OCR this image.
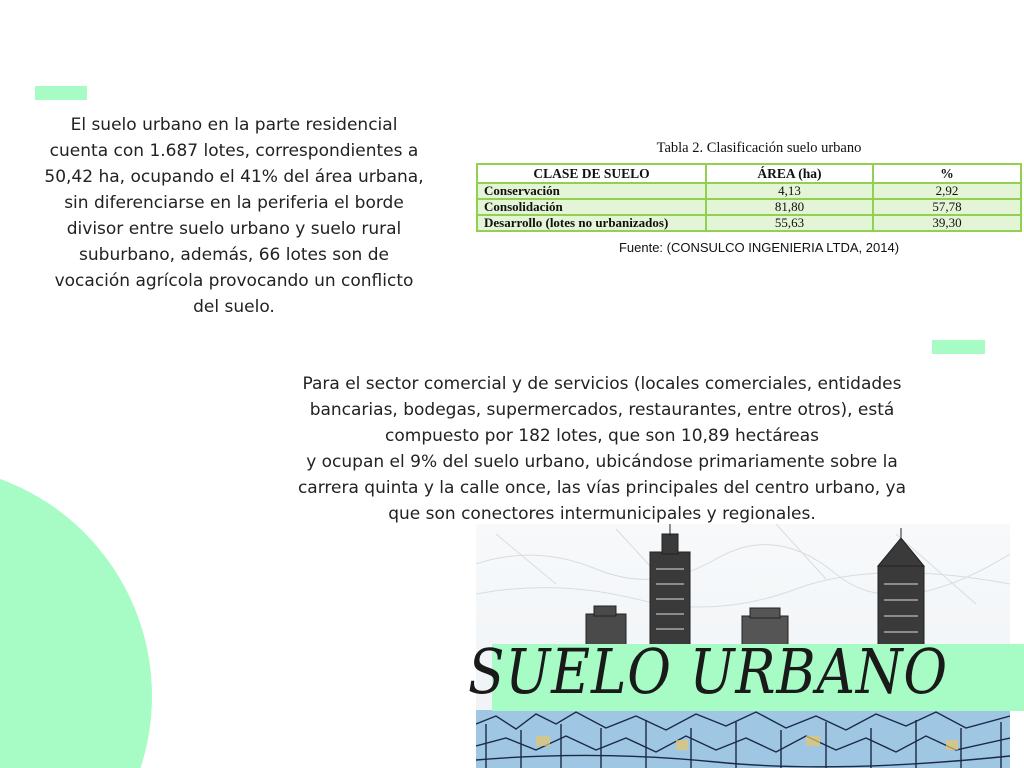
El suelo urbano en la parte residencial
cuenta con 1.687 lotes, correspondientes a
50,42 ha, ocupando el 41% del área urbana,
sin diferenciarse en la periferia el borde
divisor entre suelo urbano y suelo rural
suburbano, además, 66 lotes son de
vocación agrícola provocando un conflicto
del suelo.

Tabla 2. Clasificación suelo urbano
CLASE DE SUELO	ÁREA (ha)	%
Conservación	4,13	2,92
Consolidación	81,80	57,78
Desarrollo (lotes no urbanizados)	55,63	39,30
Fuente: (CONSULCO INGENIERIA LTDA, 2014)

Para el sector comercial y de servicios (locales comerciales, entidades
bancarias, bodegas, supermercados, restaurantes, entre otros), está
compuesto por 182 lotes, que son 10,89 hectáreas
y ocupan el 9% del suelo urbano, ubicándose primariamente sobre la
carrera quinta y la calle once, las vías principales del centro urbano, ya
que son conectores intermunicipales y regionales.

SUELO URBANO
